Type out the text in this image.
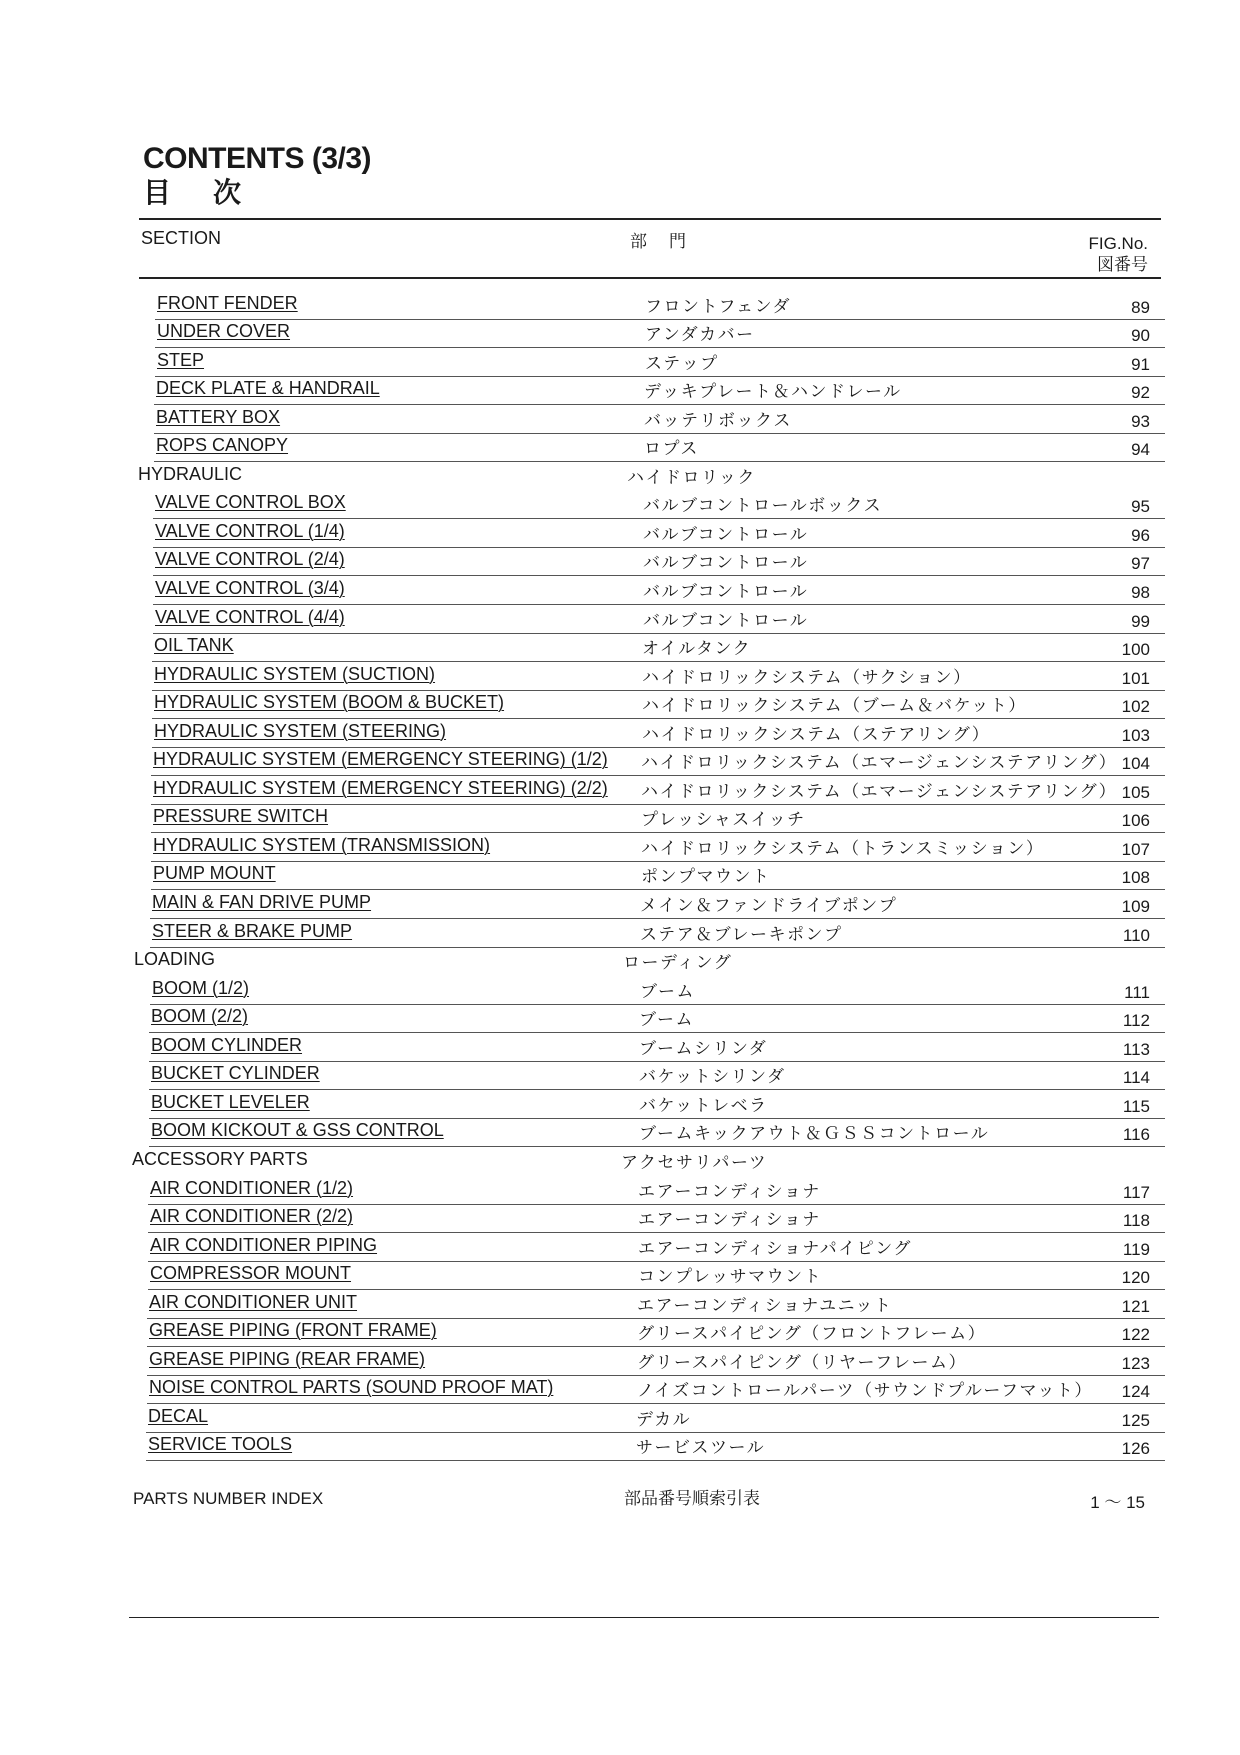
CONTENTS (3/3)
目次
SECTION	部門	FIG.No.
図番号
FRONT FENDER	フロントフェンダ	89
UNDER COVER	アンダカバー	90
STEP	ステップ	91
DECK PLATE & HANDRAIL	デッキプレート＆ハンドレール	92
BATTERY BOX	バッテリボックス	93
ROPS CANOPY	ロプス	94
HYDRAULIC	ハイドロリック
VALVE CONTROL BOX	バルブコントロールボックス	95
VALVE CONTROL (1/4)	バルブコントロール	96
VALVE CONTROL (2/4)	バルブコントロール	97
VALVE CONTROL (3/4)	バルブコントロール	98
VALVE CONTROL (4/4)	バルブコントロール	99
OIL TANK	オイルタンク	100
HYDRAULIC SYSTEM (SUCTION)	ハイドロリックシステム（サクション）	101
HYDRAULIC SYSTEM (BOOM & BUCKET)	ハイドロリックシステム（ブーム＆バケット）	102
HYDRAULIC SYSTEM (STEERING)	ハイドロリックシステム（ステアリング）	103
HYDRAULIC SYSTEM (EMERGENCY STEERING) (1/2) ハイドロリックシステム（エマージェンシステアリング） 104
HYDRAULIC SYSTEM (EMERGENCY STEERING) (2/2) ハイドロリックシステム（エマージェンシステアリング） 105
PRESSURE SWITCH	プレッシャスイッチ	106
HYDRAULIC SYSTEM (TRANSMISSION)	ハイドロリックシステム（トランスミッション）	107
PUMP MOUNT	ポンプマウント	108
MAIN & FAN DRIVE PUMP	メイン＆ファンドライブポンプ	109
STEER & BRAKE PUMP	ステア＆ブレーキポンプ	110
LOADING	ローディング
BOOM (1/2)	ブーム	111
BOOM (2/2)	ブーム	112
BOOM CYLINDER	ブームシリンダ	113
BUCKET CYLINDER	バケットシリンダ	114
BUCKET LEVELER	バケットレベラ	115
BOOM KICKOUT & GSS CONTROL	ブームキックアウト＆ＧＳＳコントロール	116
ACCESSORY PARTS	アクセサリパーツ
AIR CONDITIONER (1/2)	エアーコンディショナ	117
AIR CONDITIONER (2/2)	エアーコンディショナ	118
AIR CONDITIONER PIPING	エアーコンディショナパイピング	119
COMPRESSOR MOUNT	コンプレッサマウント	120
AIR CONDITIONER UNIT	エアーコンディショナユニット	121
GREASE PIPING (FRONT FRAME)	グリースパイピング（フロントフレーム）	122
GREASE PIPING (REAR FRAME)	グリースパイピング（リヤーフレーム）	123
NOISE CONTROL PARTS (SOUND PROOF MAT)	ノイズコントロールパーツ（サウンドプルーフマット） 124
DECAL	デカル	125
SERVICE TOOLS	サービスツール	126
PARTS NUMBER INDEX	部品番号順索引表	1 ～ 15
